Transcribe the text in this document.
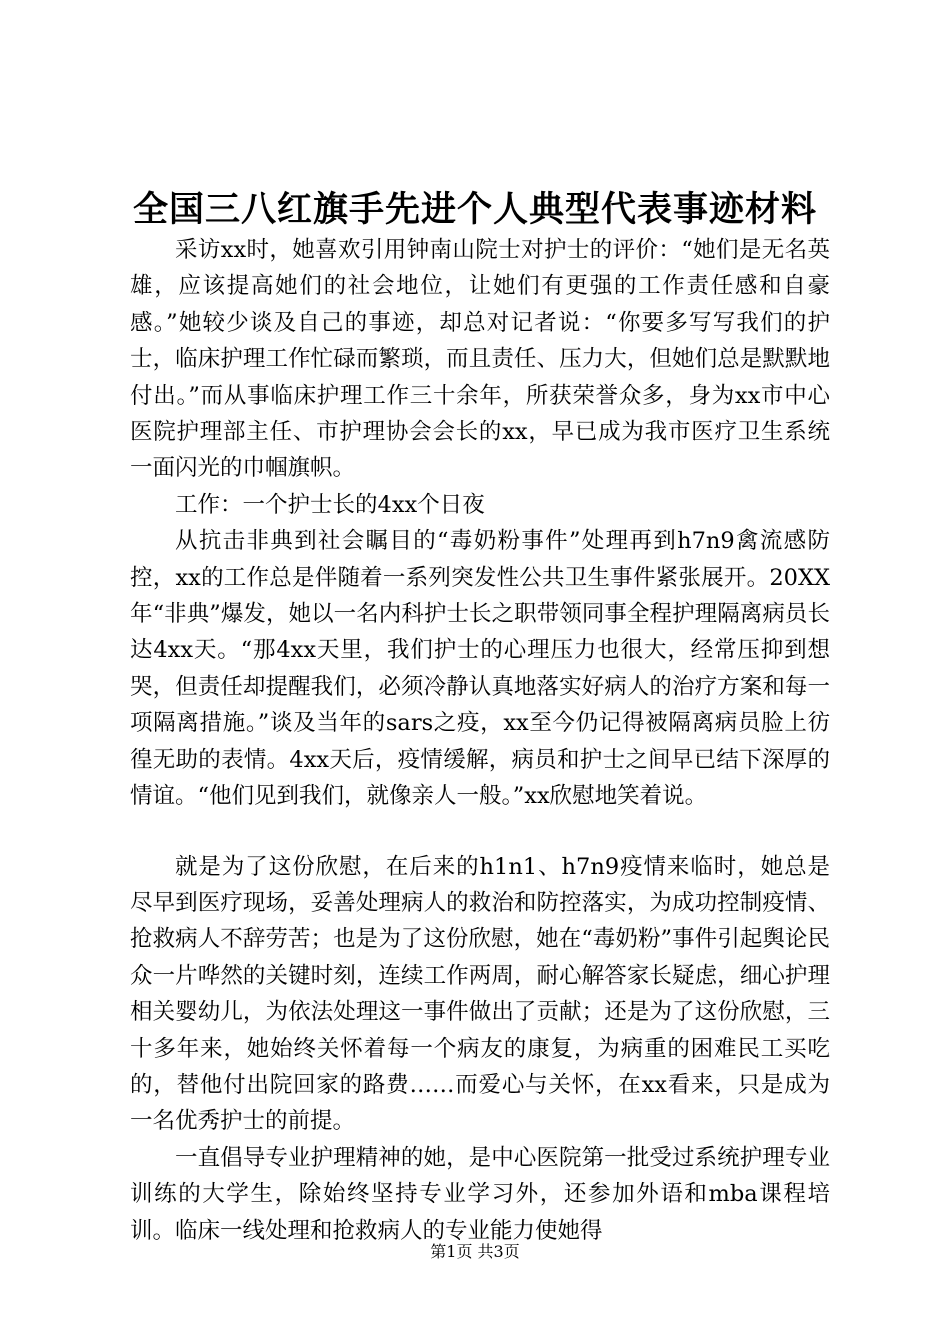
全国三八红旗手先进个人典型代表事迹材料

采访xx时，她喜欢引用钟南山院士对护士的评价：“她们是无名英雄，应该提高她们的社会地位，让她们有更强的工作责任感和自豪感。”她较少谈及自己的事迹，却总对记者说：“你要多写写我们的护士，临床护理工作忙碌而繁琐，而且责任、压力大，但她们总是默默地付出。”而从事临床护理工作三十余年，所获荣誉众多，身为xx市中心医院护理部主任、市护理协会会长的xx，早已成为我市医疗卫生系统一面闪光的巾帼旗帜。

工作：一个护士长的4xx个日夜

从抗击非典到社会瞩目的“毒奶粉事件”处理再到h7n9禽流感防控，xx的工作总是伴随着一系列突发性公共卫生事件紧张展开。20XX年“非典”爆发，她以一名内科护士长之职带领同事全程护理隔离病员长达4xx天。“那4xx天里，我们护士的心理压力也很大，经常压抑到想哭，但责任却提醒我们，必须冷静认真地落实好病人的治疗方案和每一项隔离措施。”谈及当年的sars之疫，xx至今仍记得被隔离病员脸上彷徨无助的表情。4xx天后，疫情缓解，病员和护士之间早已结下深厚的情谊。“他们见到我们，就像亲人一般。”xx欣慰地笑着说。

就是为了这份欣慰，在后来的h1n1、h7n9疫情来临时，她总是尽早到医疗现场，妥善处理病人的救治和防控落实，为成功控制疫情、抢救病人不辞劳苦；也是为了这份欣慰，她在“毒奶粉”事件引起舆论民众一片哗然的关键时刻，连续工作两周，耐心解答家长疑虑，细心护理相关婴幼儿，为依法处理这一事件做出了贡献；还是为了这份欣慰，三十多年来，她始终关怀着每一个病友的康复，为病重的困难民工买吃的，替他付出院回家的路费……而爱心与关怀，在xx看来，只是成为一名优秀护士的前提。

一直倡导专业护理精神的她，是中心医院第一批受过系统护理专业训练的大学生，除始终坚持专业学习外，还参加外语和mba课程培训。临床一线处理和抢救病人的专业能力使她得

第1页 共3页
